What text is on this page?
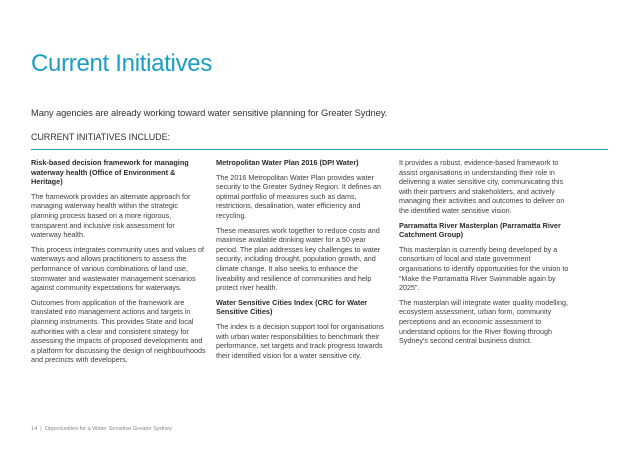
Current Initiatives

Many agencies are already working toward water sensitive planning for Greater Sydney.

CURRENT INITIATIVES INCLUDE:

Risk-based decision framework for managing waterway health (Office of Environment & Heritage)

The framework provides an alternate approach for managing waterway health within the strategic planning process based on a more rigorous, transparent and inclusive risk assessment for waterway health.

This process integrates community uses and values of waterways and allows practitioners to assess the performance of various combinations of land use, stormwater and wastewater management scenarios against community expectations for waterways.

Outcomes from application of the framework are translated into management actions and targets in planning instruments. This provides State and local authorities with a clear and consistent strategy for assessing the impacts of proposed developments and a platform for discussing the design of neighbourhoods and precincts with developers.

Metropolitan Water Plan 2016 (DPI Water)

The 2016 Metropolitan Water Plan provides water security to the Greater Sydney Region. It defines an optimal portfolio of measures such as dams, restrictions, desalination, water efficiency and recycling.

These measures work together to reduce costs and maximise available drinking water for a 50 year period. The plan addresses key challenges to water security, including drought, population growth, and climate change. It also seeks to enhance the liveability and resilience of communities and help protect river health.

Water Sensitive Cities Index (CRC for Water Sensitive Cities)

The index is a decision support tool for organisations with urban water responsibilities to benchmark their performance, set targets and track progress towards their identified vision for a water sensitive city.

It provides a robust, evidence-based framework to assist organisations in understanding their role in delivering a water sensitive city, communicating this with their partners and stakeholders, and actively managing their activities and outcomes to deliver on the identified water sensitive vision.

Parramatta River Masterplan (Parramatta River Catchment Group)

This masterplan is currently being developed by a consortium of local and state government organisations to identify opportunities for the vision to “Make the Parramatta River Swimmable again by 2025”.

The masterplan will integrate water quality modelling, ecosystem assessment, urban form, community perceptions and an economic assessment to understand options for the River flowing through Sydney's second central business district.

14 | Opportunities for a Water Sensitive Greater Sydney
